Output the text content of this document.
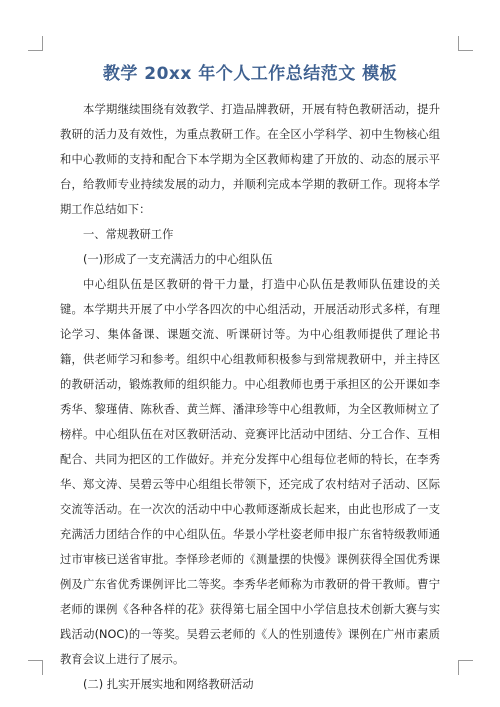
教学 20xx 年个人工作总结范文 模板

本学期继续围绕有效教学、打造品牌教研，开展有特色教研活动，提升教研的活力及有效性，为重点教研工作。在全区小学科学、初中生物核心组和中心教师的支持和配合下本学期为全区教师构建了开放的、动态的展示平台，给教师专业持续发展的动力，并顺利完成本学期的教研工作。现将本学期工作总结如下：

一、常规教研工作

(一)形成了一支充满活力的中心组队伍

中心组队伍是区教研的骨干力量，打造中心队伍是教师队伍建设的关键。本学期共开展了中小学各四次的中心组活动，开展活动形式多样，有理论学习、集体备课、课题交流、听课研讨等。为中心组教师提供了理论书籍，供老师学习和参考。组织中心组教师积极参与到常规教研中，并主持区的教研活动，锻炼教师的组织能力。中心组教师也勇于承担区的公开课如李秀华、黎瑾倩、陈秋香、黄兰辉、潘津珍等中心组教师，为全区教师树立了榜样。中心组队伍在对区教研活动、竞赛评比活动中团结、分工合作、互相配合、共同为把区的工作做好。并充分发挥中心组每位老师的特长，在李秀华、郑文涛、吴碧云等中心组组长带领下，还完成了农村结对子活动、区际交流等活动。在一次次的活动中中心教师逐渐成长起来，由此也形成了一支充满活力团结合作的中心组队伍。华景小学杜姿老师申报广东省特级教师通过市审核已送省审批。李怿珍老师的《测量摆的快慢》课例获得全国优秀课例及广东省优秀课例评比二等奖。李秀华老师称为市教研的骨干教师。曹宁老师的课例《各种各样的花》获得第七届全国中小学信息技术创新大赛与实践活动(NOC)的一等奖。吴碧云老师的《人的性别遗传》课例在广州市素质教育会议上进行了展示。

(二) 扎实开展实地和网络教研活动
